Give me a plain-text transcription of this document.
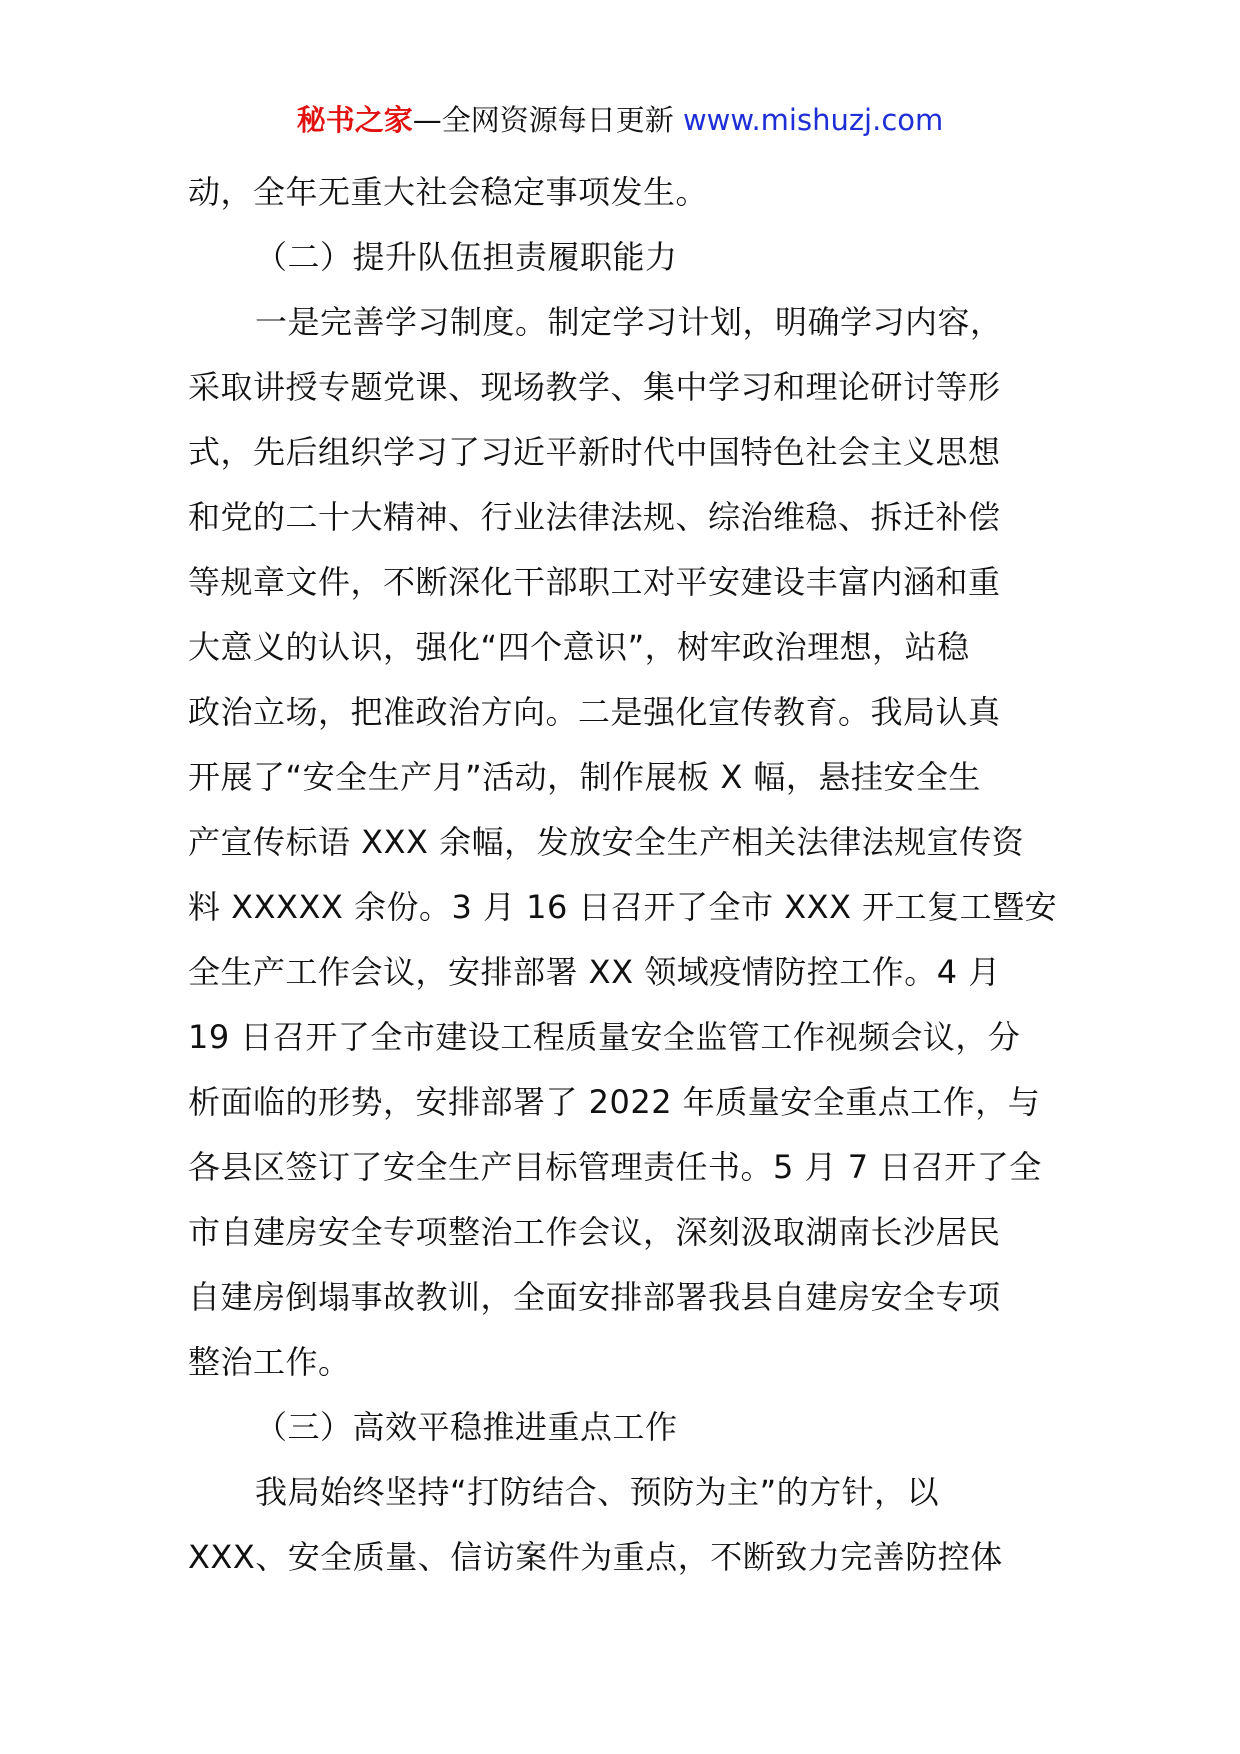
秘书之家—全网资源每日更新 www.mishuzj.com
动，全年无重大社会稳定事项发生。
（二）提升队伍担责履职能力
一是完善学习制度。制定学习计划，明确学习内容，
采取讲授专题党课、现场教学、集中学习和理论研讨等形
式，先后组织学习了习近平新时代中国特色社会主义思想
和党的二十大精神、行业法律法规、综治维稳、拆迁补偿
等规章文件，不断深化干部职工对平安建设丰富内涵和重
大意义的认识，强化“四个意识”，树牢政治理想，站稳
政治立场，把准政治方向。二是强化宣传教育。我局认真
开展了“安全生产月”活动，制作展板 X 幅，悬挂安全生
产宣传标语 XXX 余幅，发放安全生产相关法律法规宣传资
料 XXXXX 余份。3 月 16 日召开了全市 XXX 开工复工暨安
全生产工作会议，安排部署 XX 领域疫情防控工作。4 月
19 日召开了全市建设工程质量安全监管工作视频会议，分
析面临的形势，安排部署了 2022 年质量安全重点工作，与
各县区签订了安全生产目标管理责任书。5 月 7 日召开了全
市自建房安全专项整治工作会议，深刻汲取湖南长沙居民
自建房倒塌事故教训，全面安排部署我县自建房安全专项
整治工作。
（三）高效平稳推进重点工作
我局始终坚持“打防结合、预防为主”的方针，以
XXX、安全质量、信访案件为重点，不断致力完善防控体
